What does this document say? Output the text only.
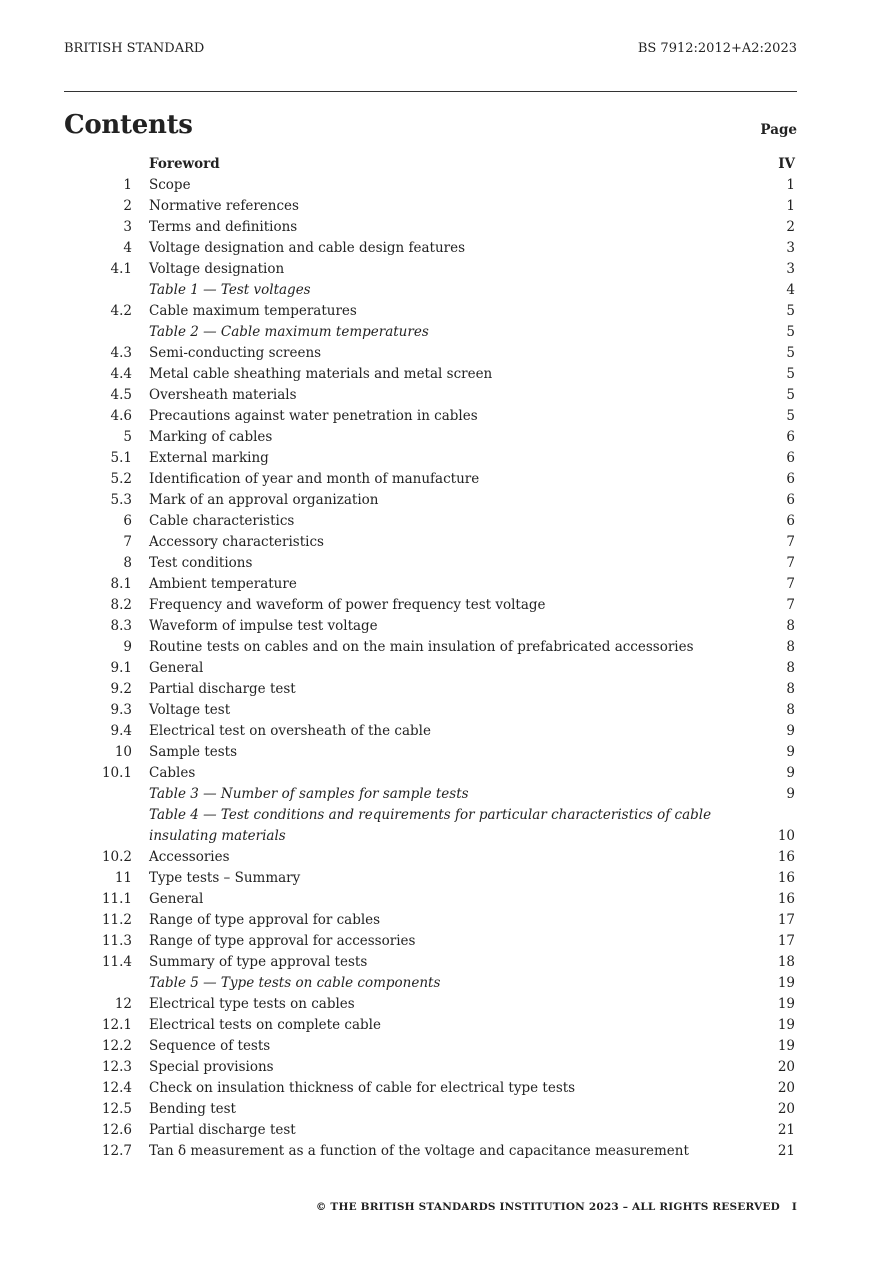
BRITISH STANDARD	BS 7912:2012+A2:2023
Contents	Page
Foreword	IV
1 Scope	1
2 Normative references	1
3 Terms and definitions	2
4 Voltage designation and cable design features	3
4.1 Voltage designation	3
Table 1 — Test voltages	4
4.2 Cable maximum temperatures	5
Table 2 — Cable maximum temperatures	5
4.3 Semi-conducting screens	5
4.4 Metal cable sheathing materials and metal screen	5
4.5 Oversheath materials	5
4.6 Precautions against water penetration in cables	5
5 Marking of cables	6
5.1 External marking	6
5.2 Identification of year and month of manufacture	6
5.3 Mark of an approval organization	6
6 Cable characteristics	6
7 Accessory characteristics	7
8 Test conditions	7
8.1 Ambient temperature	7
8.2 Frequency and waveform of power frequency test voltage	7
8.3 Waveform of impulse test voltage	8
9 Routine tests on cables and on the main insulation of prefabricated accessories	8
9.1 General	8
9.2 Partial discharge test	8
9.3 Voltage test	8
9.4 Electrical test on oversheath of the cable	9
10 Sample tests	9
10.1 Cables	9
Table 3 — Number of samples for sample tests	9
Table 4 — Test conditions and requirements for particular characteristics of cable insulating materials	10
10.2 Accessories	16
11 Type tests – Summary	16
11.1 General	16
11.2 Range of type approval for cables	17
11.3 Range of type approval for accessories	17
11.4 Summary of type approval tests	18
Table 5 — Type tests on cable components	19
12 Electrical type tests on cables	19
12.1 Electrical tests on complete cable	19
12.2 Sequence of tests	19
12.3 Special provisions	20
12.4 Check on insulation thickness of cable for electrical type tests	20
12.5 Bending test	20
12.6 Partial discharge test	21
12.7 Tan δ measurement as a function of the voltage and capacitance measurement	21
© THE BRITISH STANDARDS INSTITUTION 2023 – ALL RIGHTS RESERVED I
